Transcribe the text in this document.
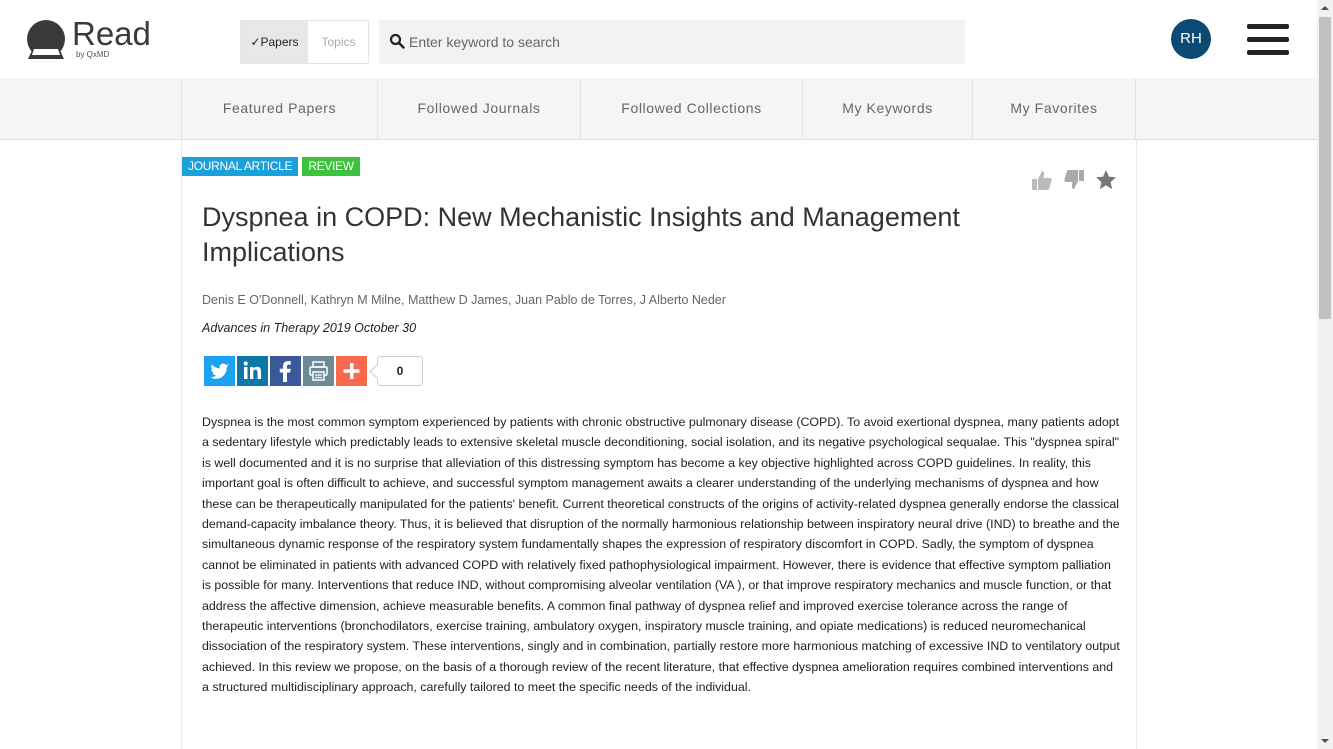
Read
by QxMD
✓Papers	Topics
Enter keyword to search	RH
Featured Papers	Followed Journals	Followed Collections	My Keywords	My Favorites
JOURNAL ARTICLE	REVIEW
Dyspnea in COPD: New Mechanistic Insights and Management Implications
Denis E O'Donnell, Kathryn M Milne, Matthew D James, Juan Pablo de Torres, J Alberto Neder
Advances in Therapy 2019 October 30
0

Dyspnea is the most common symptom experienced by patients with chronic obstructive pulmonary disease (COPD). To avoid exertional dyspnea, many patients adopt a sedentary lifestyle which predictably leads to extensive skeletal muscle deconditioning, social isolation, and its negative psychological sequalae. This "dyspnea spiral" is well documented and it is no surprise that alleviation of this distressing symptom has become a key objective highlighted across COPD guidelines. In reality, this important goal is often difficult to achieve, and successful symptom management awaits a clearer understanding of the underlying mechanisms of dyspnea and how these can be therapeutically manipulated for the patients' benefit. Current theoretical constructs of the origins of activity-related dyspnea generally endorse the classical demand-capacity imbalance theory. Thus, it is believed that disruption of the normally harmonious relationship between inspiratory neural drive (IND) to breathe and the simultaneous dynamic response of the respiratory system fundamentally shapes the expression of respiratory discomfort in COPD. Sadly, the symptom of dyspnea cannot be eliminated in patients with advanced COPD with relatively fixed pathophysiological impairment. However, there is evidence that effective symptom palliation is possible for many. Interventions that reduce IND, without compromising alveolar ventilation (VA ), or that improve respiratory mechanics and muscle function, or that address the affective dimension, achieve measurable benefits. A common final pathway of dyspnea relief and improved exercise tolerance across the range of therapeutic interventions (bronchodilators, exercise training, ambulatory oxygen, inspiratory muscle training, and opiate medications) is reduced neuromechanical dissociation of the respiratory system. These interventions, singly and in combination, partially restore more harmonious matching of excessive IND to ventilatory output achieved. In this review we propose, on the basis of a thorough review of the recent literature, that effective dyspnea amelioration requires combined interventions and a structured multidisciplinary approach, carefully tailored to meet the specific needs of the individual.
